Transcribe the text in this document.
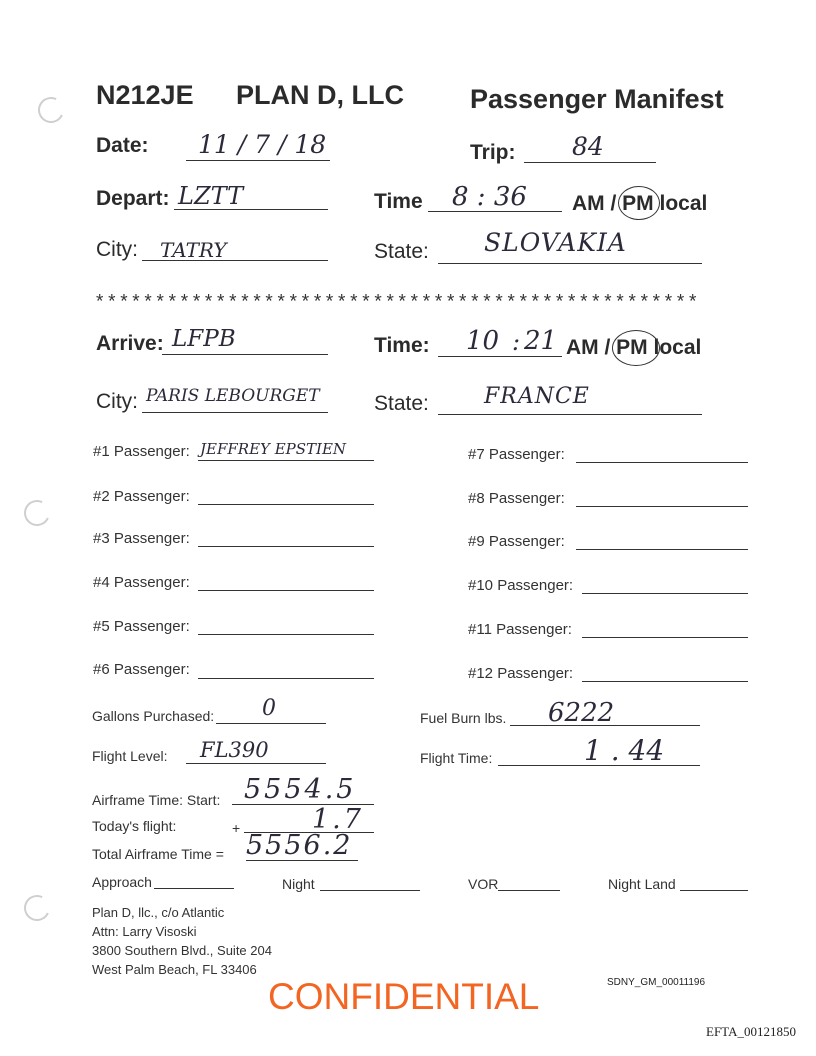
N212JE PLAN D, LLC Passenger Manifest
Date: 11 / 7 / 18	Trip: 84
Depart: LZTT	Time 8 : 36 AM / PM local
City: TATRY	State: SLOVAKIA
**************************************************
Arrive: LFPB	Time: 10 : 21 AM / PM local
City: PARIS LEBOURGET	State:	FRANCE
#1 Passenger: JEFFREY EPSTIEN
#2 Passenger:
#3 Passenger:
#4 Passenger:
#5 Passenger:
#6 Passenger:
#7 Passenger:
#8 Passenger:
#9 Passenger:
#10 Passenger:
#11 Passenger:
#12 Passenger:
Gallons Purchased: 0	Fuel Burn lbs. 6222
Flight Level: FL390	Flight Time:	1 . 44
Airframe Time: Start: 5554.5
Today's flight:	+	1.7
Total Airframe Time = 5556.2
Approach	Night	VOR	Night Land
Plan D, llc., c/o Atlantic
Attn: Larry Visoski
3800 Southern Blvd., Suite 204
West Palm Beach, FL 33406
CONFIDENTIAL	SDNY_GM_00011196
EFTA_00121850
